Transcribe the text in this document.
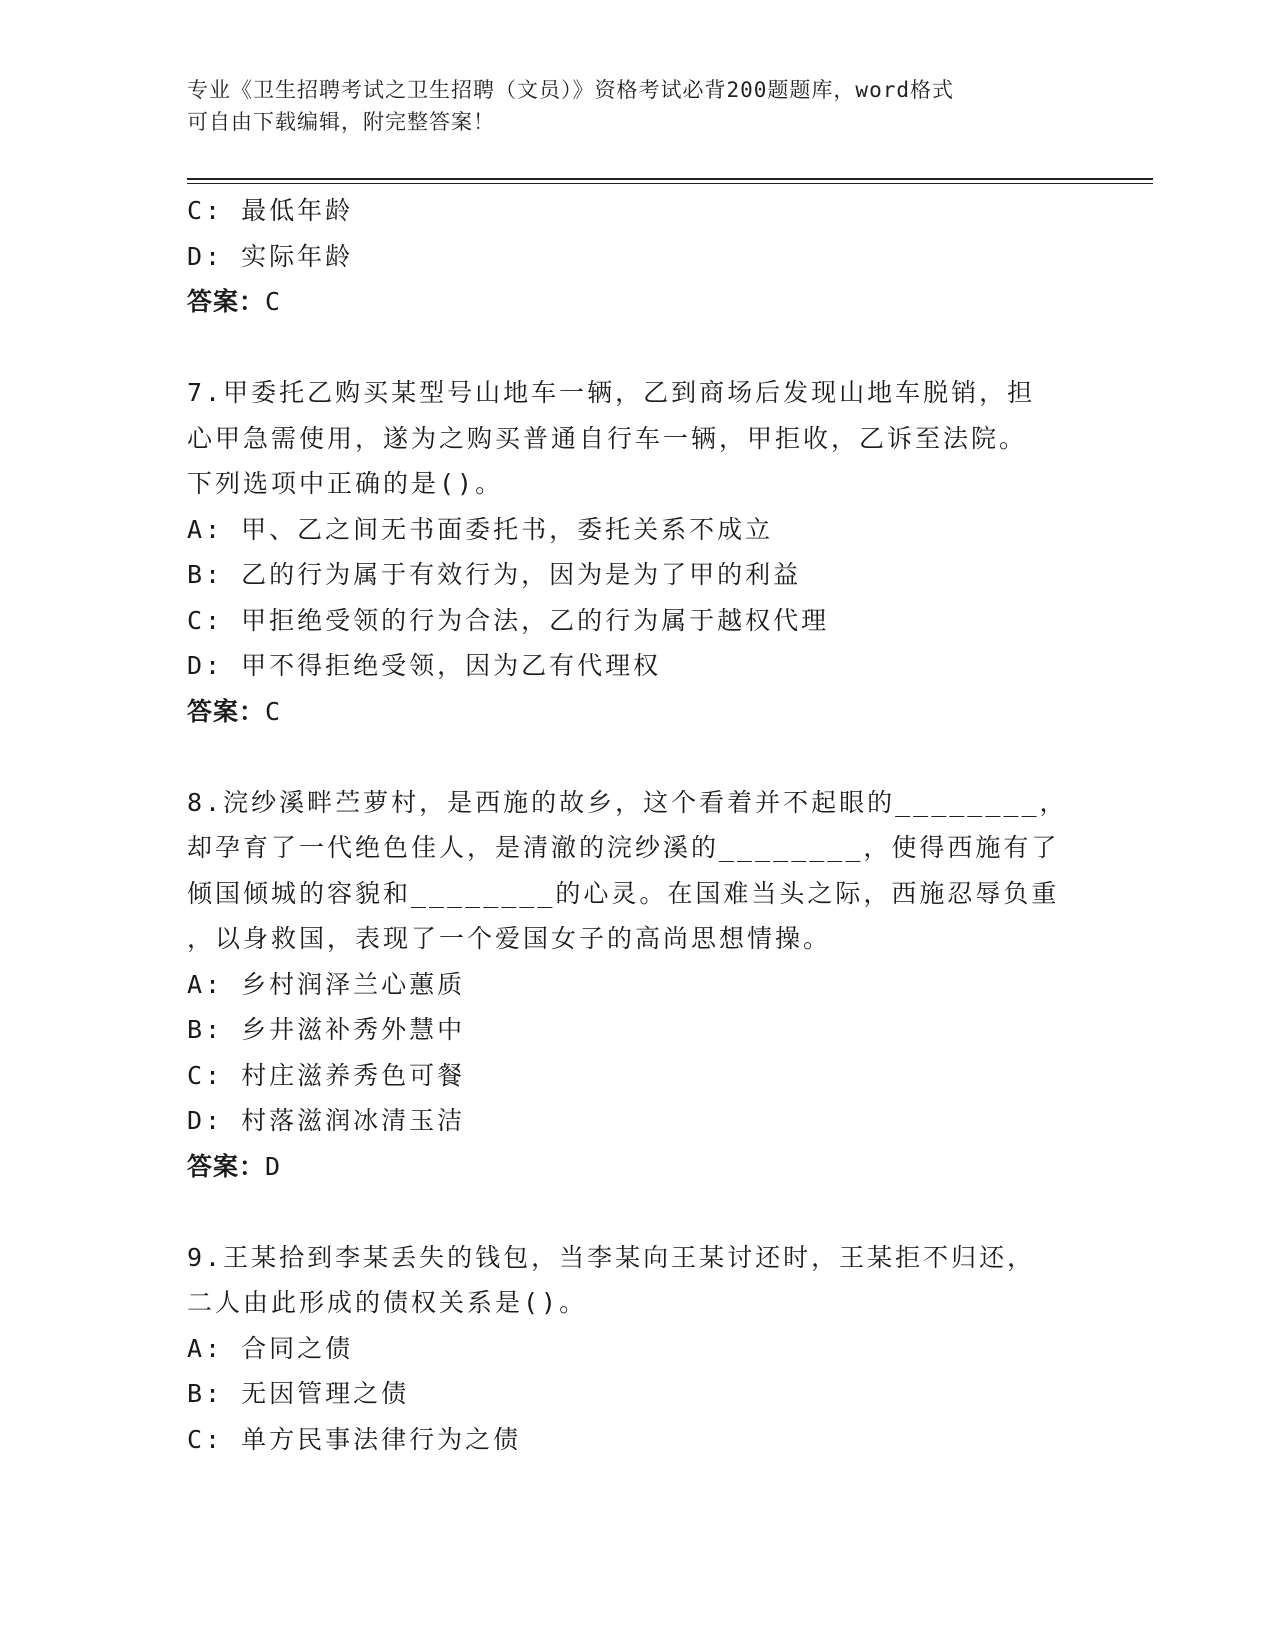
专业《卫生招聘考试之卫生招聘（文员）》资格考试必背200题题库，word格式
可自由下载编辑，附完整答案！
C: 最低年龄
D: 实际年龄
答案：C
7.甲委托乙购买某型号山地车一辆，乙到商场后发现山地车脱销，担
心甲急需使用，遂为之购买普通自行车一辆，甲拒收，乙诉至法院。
下列选项中正确的是()。
A: 甲、乙之间无书面委托书，委托关系不成立
B: 乙的行为属于有效行为，因为是为了甲的利益
C: 甲拒绝受领的行为合法，乙的行为属于越权代理
D: 甲不得拒绝受领，因为乙有代理权
答案：C
8.浣纱溪畔苎萝村，是西施的故乡，这个看着并不起眼的________，
却孕育了一代绝色佳人，是清澈的浣纱溪的________，使得西施有了
倾国倾城的容貌和________的心灵。在国难当头之际，西施忍辱负重
，以身救国，表现了一个爱国女子的高尚思想情操。
A: 乡村润泽兰心蕙质
B: 乡井滋补秀外慧中
C: 村庄滋养秀色可餐
D: 村落滋润冰清玉洁
答案：D
9.王某拾到李某丢失的钱包，当李某向王某讨还时，王某拒不归还，
二人由此形成的债权关系是()。
A: 合同之债
B: 无因管理之债
C: 单方民事法律行为之债
